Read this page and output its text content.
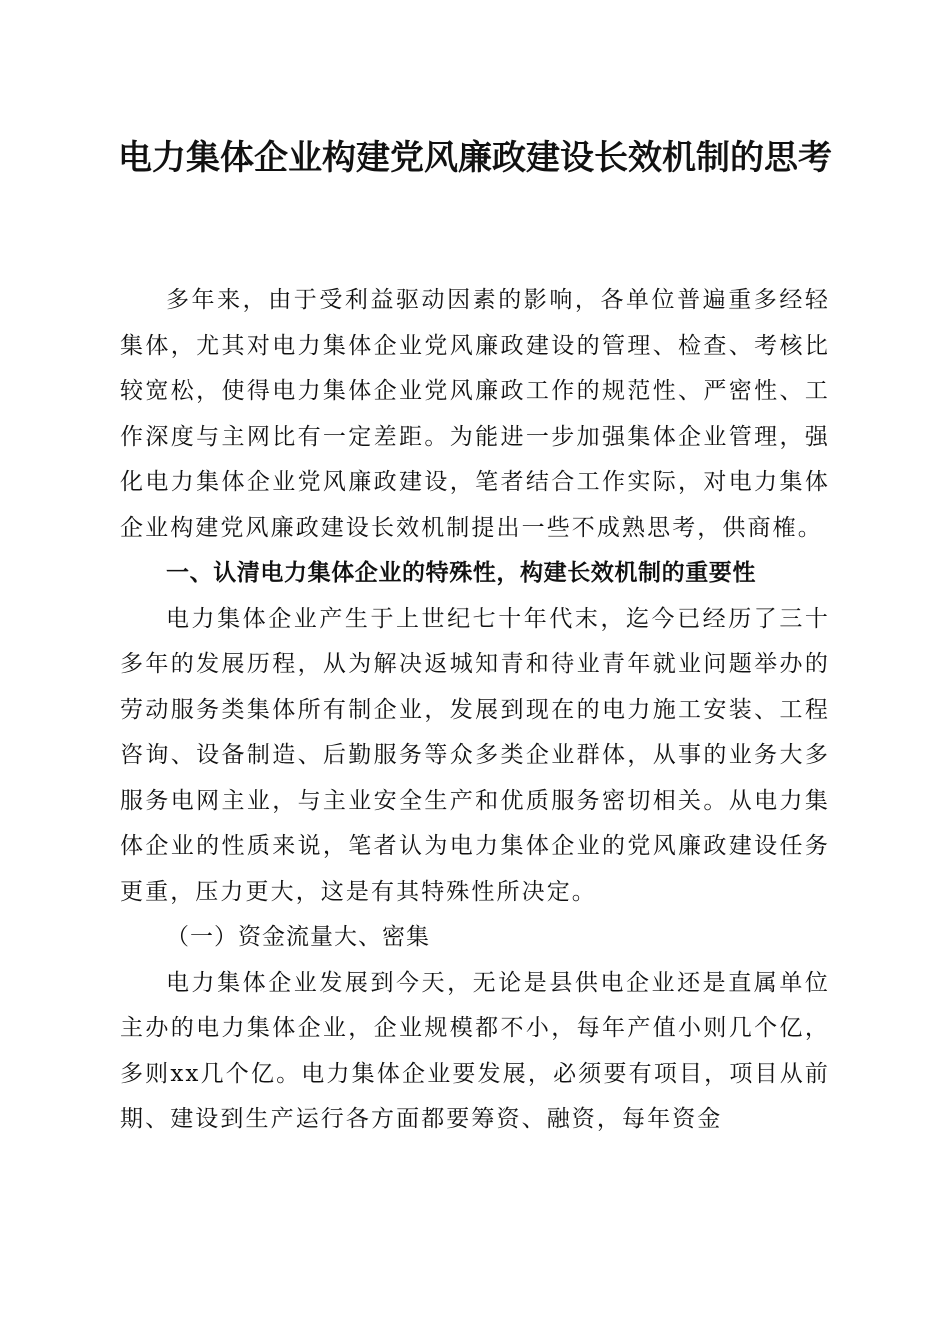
电力集体企业构建党风廉政建设长效机制的思考

多年来，由于受利益驱动因素的影响，各单位普遍重多经轻集体，尤其对电力集体企业党风廉政建设的管理、检查、考核比较宽松，使得电力集体企业党风廉政工作的规范性、严密性、工作深度与主网比有一定差距。为能进一步加强集体企业管理，强化电力集体企业党风廉政建设，笔者结合工作实际，对电力集体企业构建党风廉政建设长效机制提出一些不成熟思考，供商榷。

一、认清电力集体企业的特殊性，构建长效机制的重要性

电力集体企业产生于上世纪七十年代末，迄今已经历了三十多年的发展历程，从为解决返城知青和待业青年就业问题举办的劳动服务类集体所有制企业，发展到现在的电力施工安装、工程咨询、设备制造、后勤服务等众多类企业群体，从事的业务大多服务电网主业，与主业安全生产和优质服务密切相关。从电力集体企业的性质来说，笔者认为电力集体企业的党风廉政建设任务更重，压力更大，这是有其特殊性所决定。

（一）资金流量大、密集

电力集体企业发展到今天，无论是县供电企业还是直属单位主办的电力集体企业，企业规模都不小，每年产值小则几个亿，多则xx几个亿。电力集体企业要发展，必须要有项目，项目从前期、建设到生产运行各方面都要筹资、融资，每年资金
